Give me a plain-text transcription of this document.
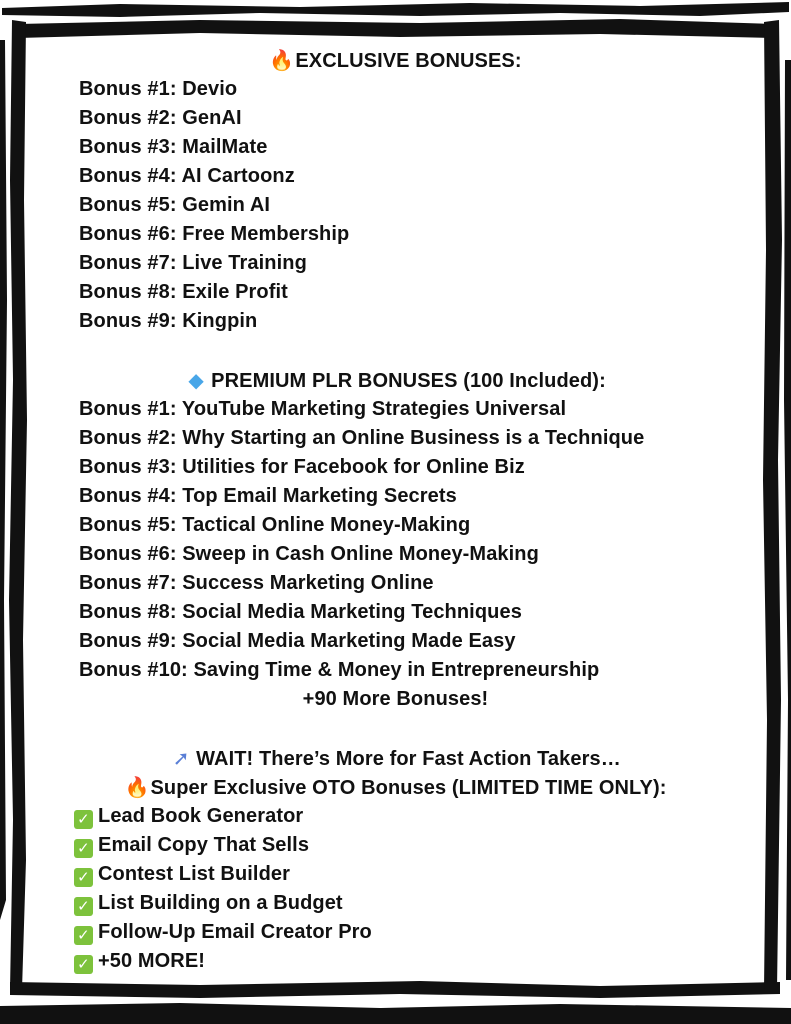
🔥EXCLUSIVE BONUSES:
Bonus #1: Devio
Bonus #2: GenAI
Bonus #3: MailMate
Bonus #4: AI Cartoonz
Bonus #5: Gemin AI
Bonus #6: Free Membership
Bonus #7: Live Training
Bonus #8: Exile Profit
Bonus #9: Kingpin
◆ PREMIUM PLR BONUSES (100 Included):
Bonus #1: YouTube Marketing Strategies Universal
Bonus #2: Why Starting an Online Business is a Technique
Bonus #3: Utilities for Facebook for Online Biz
Bonus #4: Top Email Marketing Secrets
Bonus #5: Tactical Online Money-Making
Bonus #6: Sweep in Cash Online Money-Making
Bonus #7: Success Marketing Online
Bonus #8: Social Media Marketing Techniques
Bonus #9: Social Media Marketing Made Easy
Bonus #10: Saving Time & Money in Entrepreneurship
+90 More Bonuses!
➚ WAIT! There’s More for Fast Action Takers…
🔥Super Exclusive OTO Bonuses (LIMITED TIME ONLY):
✓ Lead Book Generator
✓ Email Copy That Sells
✓ Contest List Builder
✓ List Building on a Budget
✓ Follow-Up Email Creator Pro
✓ +50 MORE!
